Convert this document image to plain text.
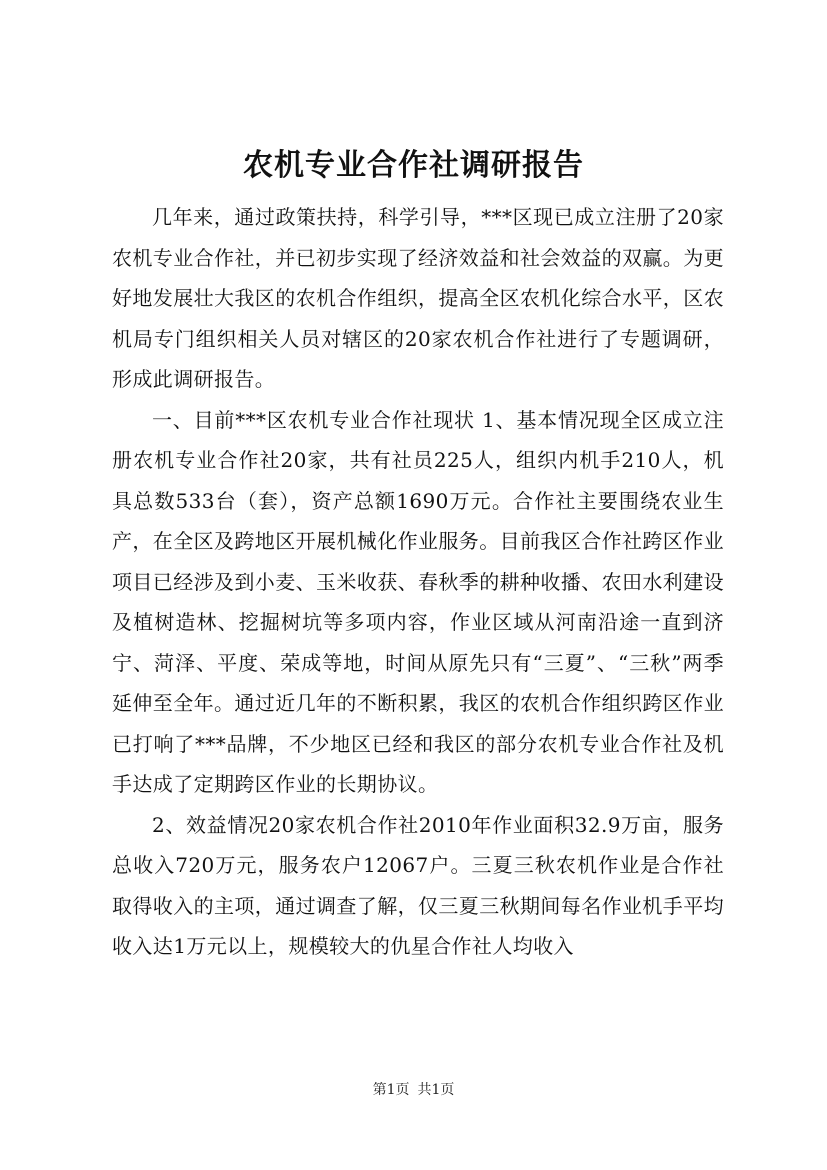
农机专业合作社调研报告

几年来，通过政策扶持，科学引导，***区现已成立注册了20家农机专业合作社，并已初步实现了经济效益和社会效益的双赢。为更好地发展壮大我区的农机合作组织，提高全区农机化综合水平，区农机局专门组织相关人员对辖区的20家农机合作社进行了专题调研，形成此调研报告。

一、目前***区农机专业合作社现状 1、基本情况现全区成立注册农机专业合作社20家，共有社员225人，组织内机手210人，机具总数533台（套），资产总额1690万元。合作社主要围绕农业生产，在全区及跨地区开展机械化作业服务。目前我区合作社跨区作业项目已经涉及到小麦、玉米收获、春秋季的耕种收播、农田水利建设及植树造林、挖掘树坑等多项内容，作业区域从河南沿途一直到济宁、菏泽、平度、荣成等地，时间从原先只有“三夏”、“三秋”两季延伸至全年。通过近几年的不断积累，我区的农机合作组织跨区作业已打响了***品牌，不少地区已经和我区的部分农机专业合作社及机手达成了定期跨区作业的长期协议。

2、效益情况20家农机合作社2010年作业面积32.9万亩，服务总收入720万元，服务农户12067户。三夏三秋农机作业是合作社取得收入的主项，通过调查了解，仅三夏三秋期间每名作业机手平均收入达1万元以上，规模较大的仇星合作社人均收入

第1页 共1页
